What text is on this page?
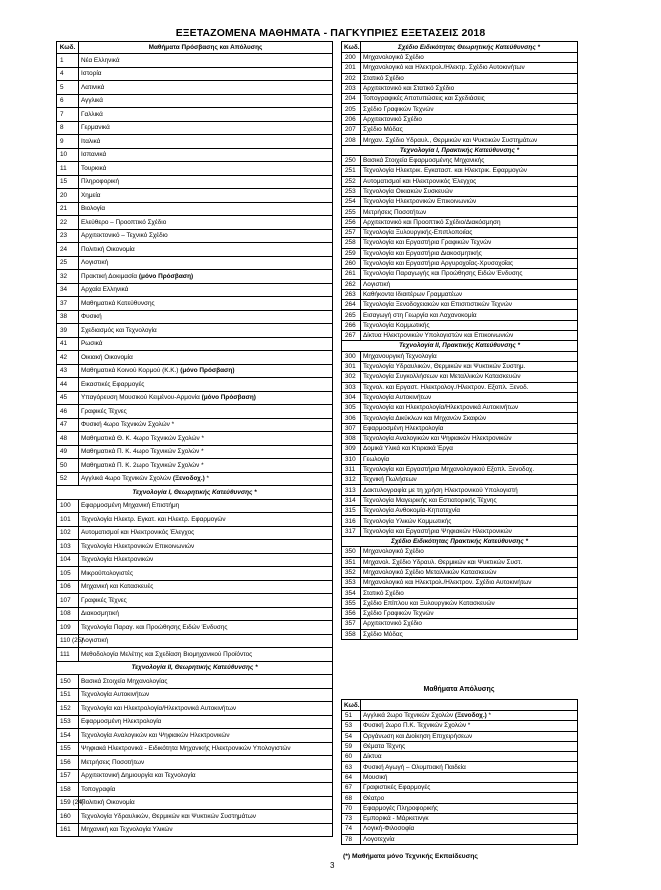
ΕΞΕΤΑΖΟΜΕΝΑ ΜΑΘΗΜΑΤΑ - ΠΑΓΚΥΠΡΙΕΣ ΕΞΕΤΑΣΕΙΣ 2018
Κωδ.	Μαθήματα Πρόσβασης και Απόλυσης
1	Νέα Ελληνικά
4	Ιστορία
5	Λατινικά
6	Αγγλικά
7	Γαλλικά
8	Γερμανικά
9	Ιταλικά
10	Ισπανικά
11	Τουρκικά
15	Πληροφορική
20	Χημεία
21	Βιολογία
22	Ελεύθερο – Προοπτικό Σχέδιο
23	Αρχιτεκτονικό – Τεχνικό Σχέδιο
24	Πολιτική Οικονομία
25	Λογιστική
32	Πρακτική Δοκιμασία (μόνο Πρόσβαση)
34	Αρχαία Ελληνικά
37	Μαθηματικά Κατεύθυνσης
38	Φυσική
39	Σχεδιασμός και Τεχνολογία
41	Ρωσικά
42	Οικιακή Οικονομία
43	Μαθηματικά Κοινού Κορμού (Κ.Κ.) (μόνο Πρόσβαση)
44	Εικαστικές Εφαρμογές
45	Υπαγόρευση Μουσικού Κειμένου-Αρμονία (μόνο Πρόσβαση)
46	Γραφικές Τέχνες
47	Φυσική 4ωρο Τεχνικών Σχολών *
48	Μαθηματικά Θ. Κ. 4ωρο Τεχνικών Σχολών *
49	Μαθηματικά Π. Κ. 4ωρο Τεχνικών Σχολών *
50	Μαθηματικά Π. Κ. 2ωρο Τεχνικών Σχολών *
52	Αγγλικά 4ωρο Τεχνικών Σχολών (Ξενοδοχ.) *
Τεχνολογία Ι, Θεωρητικής Κατεύθυνσης *	
100	Εφαρμοσμένη Μηχανική Επιστήμη
101	Τεχνολογία Ηλεκτρ. Εγκατ. και Ηλεκτρ. Εφαρμογών
102	Αυτοματισμοί και Ηλεκτρονικός Έλεγχος
103	Τεχνολογία Ηλεκτρονικών Επικοινωνιών
104	Τεχνολογία Ηλεκτρονικών
105	Μικροϋπολογιστές
106	Μηχανική και Κατασκευές
107	Γραφικές Τέχνες
108	Διακοσμητική
109	Τεχνολογία Παραγ. και Προώθησης Ειδών Ένδυσης
110 (25)	Λογιστική
111	Μεθοδολογία Μελέτης και Σχεδίαση Βιομηχανικού Προϊόντος
Τεχνολογία ΙΙ, Θεωρητικής Κατεύθυνσης *	
150	Βασικά Στοιχεία Μηχανολογίας
151	Τεχνολογία Αυτοκινήτων
152	Τεχνολογία και Ηλεκτρολογία/Ηλεκτρονικά Αυτοκινήτων
153	Εφαρμοσμένη Ηλεκτρολογία
154	Τεχνολογία Αναλογικών και Ψηφιακών Ηλεκτρονικών
155	Ψηφιακά Ηλεκτρονικά - Ειδικότητα Μηχανικής Ηλεκτρονικών Υπολογιστών
156	Μετρήσεις Ποσοτήτων
157	Αρχιτεκτονική Δημιουργία και Τεχνολογία
158	Τοπογραφία
159 (24)	Πολιτική Οικονομία
160	Τεχνολογία Υδραυλικών, Θερμικών και Ψυκτικών Συστημάτων
161	Μηχανική και Τεχνολογία Υλικών
Κωδ.	Σχέδιο Ειδικότητας Θεωρητικής Κατεύθυνσης *
200	Μηχανολογικό Σχέδιο
201	Μηχανολογικό και Ηλεκτρολ./Ηλεκτρ. Σχέδιο Αυτοκινήτων
202	Στατικό Σχέδιο
203	Αρχιτεκτονικό και Στατικό Σχέδιο
204	Τοπογραφικές Αποτυπώσεις και Σχεδιάσεις
205	Σχέδιο Γραφικών Τεχνών
206	Αρχιτεκτονικό Σχέδιο
207	Σχέδιο Μόδας
208	Μηχαν. Σχέδιο Υδραυλ., Θερμικών και Ψυκτικών Συστημάτων
Τεχνολογία Ι, Πρακτικής Κατεύθυνσης *	
250	Βασικά Στοιχεία Εφαρμοσμένης Μηχανικής
251	Τεχνολογία Ηλεκτρικ. Εγκαταστ. και Ηλεκτρικ. Εφαρμογών
252	Αυτοματισμοί και Ηλεκτρονικός Έλεγχος
253	Τεχνολογία Οικιακών Συσκευών
254	Τεχνολογία Ηλεκτρονικών Επικοινωνιών
255	Μετρήσεις Ποσοτήτων
256	Αρχιτεκτονικό και Προοπτικό Σχέδιο/Διακόσμηση
257	Τεχνολογία Ξυλουργικής-Επιπλοποιίας
258	Τεχνολογία και Εργαστήρια Γραφικών Τεχνών
259	Τεχνολογία και Εργαστήρια Διακοσμητικής
260	Τεχνολογία και Εργαστήρια Αργυροχοΐας-Χρυσοχοΐας
261	Τεχνολογία Παραγωγής και Προώθησης Ειδών Ένδυσης
262	Λογιστική
263	Καθήκοντα Ιδιαιτέρων Γραμματέων
264	Τεχνολογία Ξενοδοχειακών και Επισιτιστικών Τεχνών
265	Εισαγωγή στη Γεωργία και Λαχανοκομία
266	Τεχνολογία Κομμωτικής
267	Δίκτυα Ηλεκτρονικών Υπολογιστών και Επικοινωνιών
Τεχνολογία ΙΙ, Πρακτικής Κατεύθυνσης *	
300	Μηχανουργική Τεχνολογία
301	Τεχνολογία Υδραυλικών, Θερμικών και Ψυκτικών Συστημ.
302	Τεχνολογία Συγκολλήσεων και Μεταλλικών Κατασκευών
303	Τεχνολ. και Εργαστ. Ηλεκτρολογ./Ηλεκτρον. Εξοπλ. Ξενοδ.
304	Τεχνολογία Αυτοκινήτων
305	Τεχνολογία και Ηλεκτρολογία/Ηλεκτρονικά Αυτοκινήτων
306	Τεχνολογία Δικύκλων και Μηχανών Σκαφών
307	Εφαρμοσμένη Ηλεκτρολογία
308	Τεχνολογία Αναλογικών και Ψηφιακών Ηλεκτρονικών
309	Δομικά Υλικά και Κτιριακά Έργα
310	Γεωλογία
311	Τεχνολογία και Εργαστήρια Μηχανολογικού Εξοπλ. Ξενοδοχ.
312	Τεχνική Πωλήσεων
313	Δακτυλογραφία με τη χρήση Ηλεκτρονικού Υπολογιστή
314	Τεχνολογία Μαγειρικής και Εστιατορικής Τέχνης
315	Τεχνολογία Ανθοκομία-Κηποτεχνία
316	Τεχνολογία Υλικών Κομμωτικής
317	Τεχνολογία και Εργαστήρια Ψηφιακών Ηλεκτρονικών
Σχέδιο Ειδικότητας Πρακτικής Κατεύθυνσης *	
350	Μηχανολογικό Σχέδιο
351	Μηχανολ. Σχέδιο Υδραυλ. Θερμικών και Ψυκτικών Συστ.
352	Μηχανολογικό Σχέδιο Μεταλλικών Κατασκευών
353	Μηχανολογικό και Ηλεκτρολ./Ηλεκτρον. Σχέδιο Αυτοκινήτων
354	Στατικό Σχέδιο
355	Σχέδιο Επίπλου και Ξυλουργικών Κατασκευών
356	Σχέδιο Γραφικών Τεχνών
357	Αρχιτεκτονικό Σχέδιο
358	Σχέδιο Μόδας
Μαθήματα Απόλυσης
Κωδ.	
51	Αγγλικά 2ωρο Τεχνικών Σχολών (Ξενοδοχ.) *
53	Φυσική 2ωρο Π.Κ. Τεχνικών Σχολών *
54	Οργάνωση και Διοίκηση Επιχειρήσεων
59	Θέματα Τέχνης
60	Δίκτυα
63	Φυσική Αγωγή – Ολυμπιακή Παιδεία
64	Μουσική
67	Γραφιστικές Εφαρμογές
68	Θέατρο
70	Εφαρμογές Πληροφορικής
73	Εμπορικά - Μάρκετινγκ
74	Λογική-Φιλοσοφία
78	Λογοτεχνία
(*) Μαθήματα μόνο Τεχνικής Εκπαίδευσης
3
